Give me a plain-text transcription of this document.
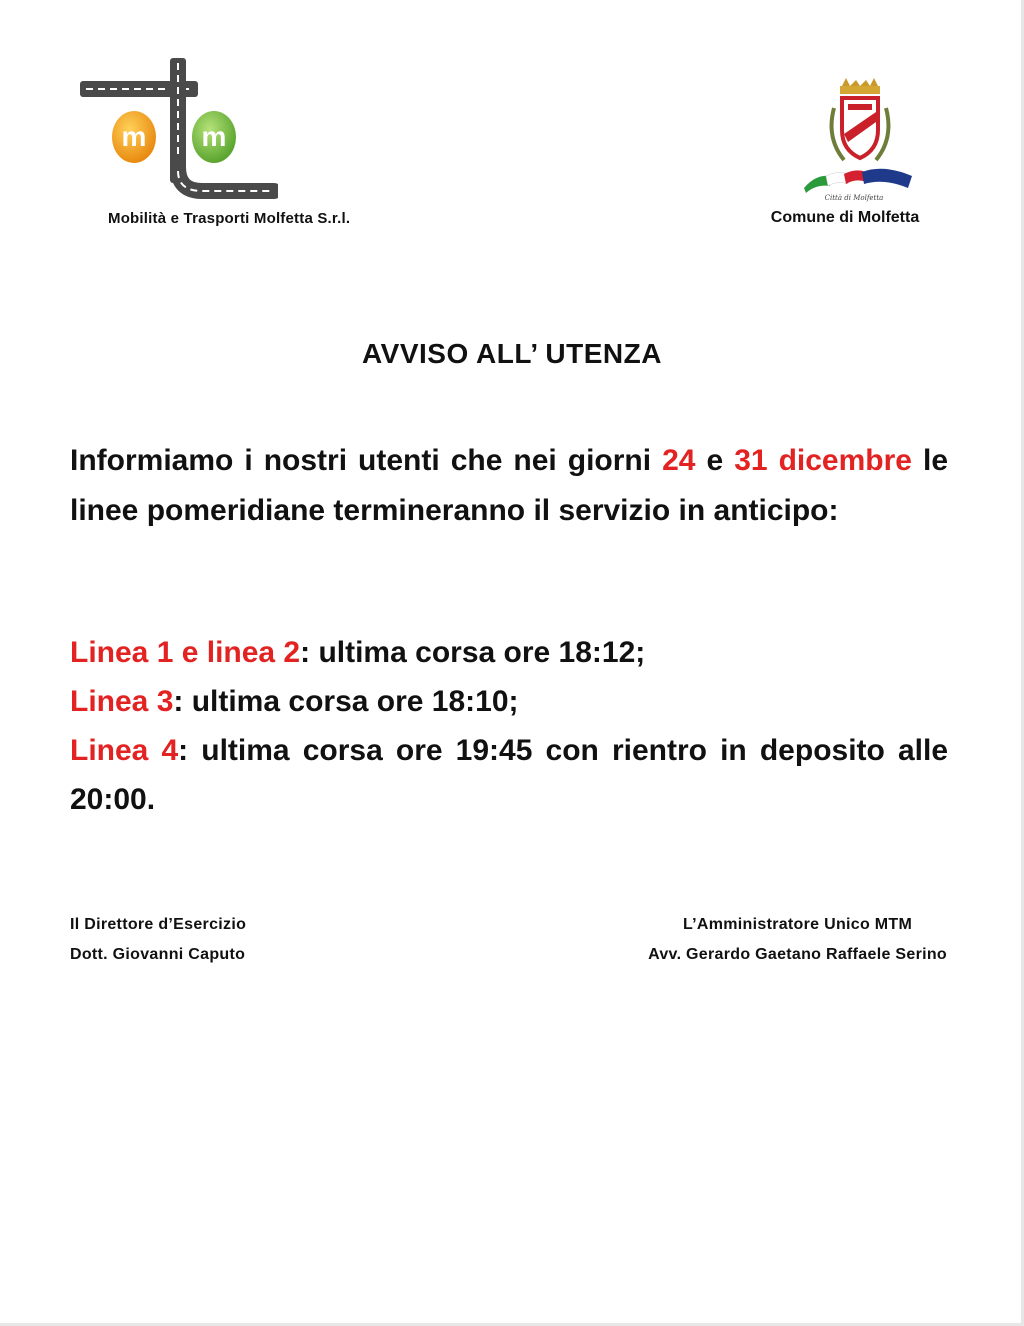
m m
Mobilità e Trasporti Molfetta S.r.l.
Città di Molfetta
Comune di Molfetta
AVVISO ALL’ UTENZA
Informiamo i nostri utenti che nei giorni 24 e 31 dicembre le linee pomeridiane termineranno il servizio in anticipo:
Linea 1 e linea 2: ultima corsa ore 18:12;
Linea 3: ultima corsa ore 18:10;
Linea 4: ultima corsa ore 19:45 con rientro in deposito alle 20:00.
Il Direttore d’Esercizio
Dott. Giovanni Caputo
L’Amministratore Unico MTM
Avv. Gerardo Gaetano Raffaele Serino
